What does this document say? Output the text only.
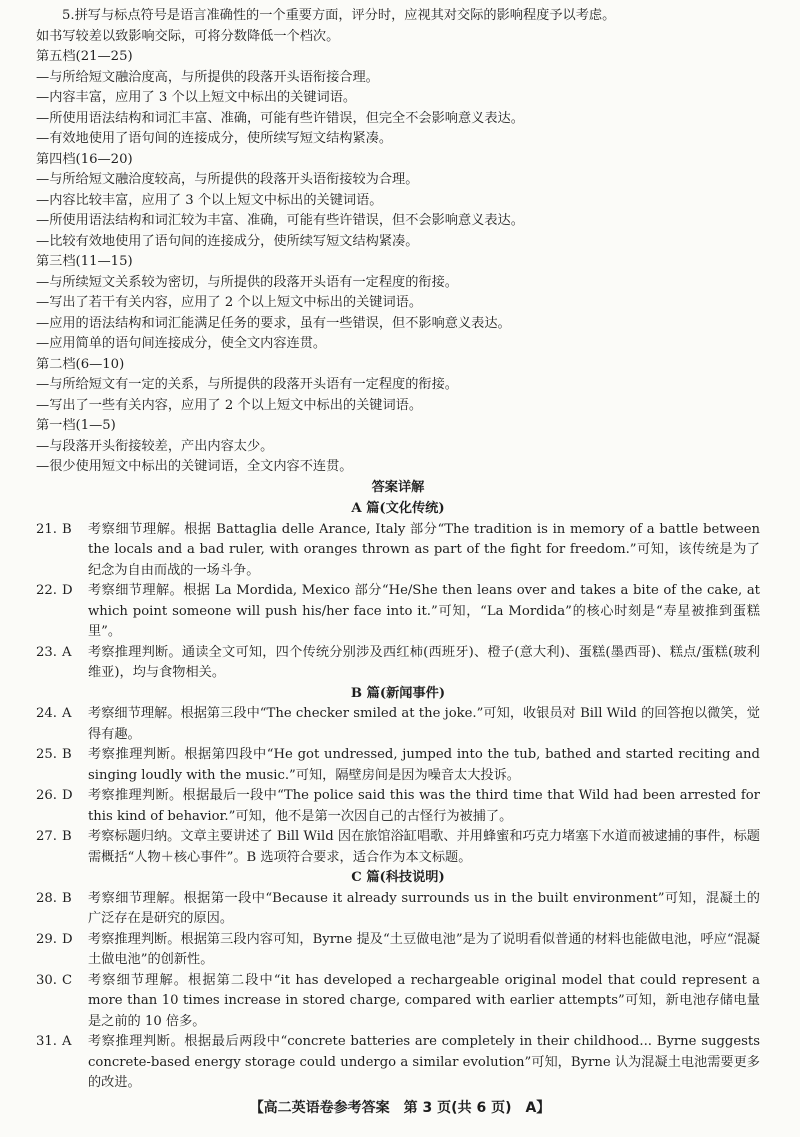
5.拼写与标点符号是语言准确性的一个重要方面，评分时，应视其对交际的影响程度予以考虑。
如书写较差以致影响交际，可将分数降低一个档次。
第五档(21—25)
—与所给短文融洽度高，与所提供的段落开头语衔接合理。
—内容丰富，应用了 3 个以上短文中标出的关键词语。
—所使用语法结构和词汇丰富、准确，可能有些许错误，但完全不会影响意义表达。
—有效地使用了语句间的连接成分，使所续写短文结构紧凑。
第四档(16—20)
—与所给短文融洽度较高，与所提供的段落开头语衔接较为合理。
—内容比较丰富，应用了 3 个以上短文中标出的关键词语。
—所使用语法结构和词汇较为丰富、准确，可能有些许错误，但不会影响意义表达。
—比较有效地使用了语句间的连接成分，使所续写短文结构紧凑。
第三档(11—15)
—与所续短文关系较为密切，与所提供的段落开头语有一定程度的衔接。
—写出了若干有关内容，应用了 2 个以上短文中标出的关键词语。
—应用的语法结构和词汇能满足任务的要求，虽有一些错误，但不影响意义表达。
—应用简单的语句间连接成分，使全文内容连贯。
第二档(6—10)
—与所给短文有一定的关系，与所提供的段落开头语有一定程度的衔接。
—写出了一些有关内容，应用了 2 个以上短文中标出的关键词语。
第一档(1—5)
—与段落开头衔接较差，产出内容太少。
—很少使用短文中标出的关键词语，全文内容不连贯。
答案详解
A 篇(文化传统)
21. B	考察细节理解。根据 Battaglia delle Arance, Italy 部分“The tradition is in memory of a battle between the locals and a bad ruler, with oranges thrown as part of the fight for freedom.”可知，该传统是为了纪念为自由而战的一场斗争。
22. D	考察细节理解。根据 La Mordida, Mexico 部分“He/She then leans over and takes a bite of the cake, at which point someone will push his/her face into it.”可知，“La Mordida”的核心时刻是“寿星被推到蛋糕里”。
23. A	考察推理判断。通读全文可知，四个传统分别涉及西红柿(西班牙)、橙子(意大利)、蛋糕(墨西哥)、糕点/蛋糕(玻利维亚)，均与食物相关。
B 篇(新闻事件)
24. A	考察细节理解。根据第三段中“The checker smiled at the joke.”可知，收银员对 Bill Wild 的回答抱以微笑，觉得有趣。
25. B	考察推理判断。根据第四段中“He got undressed, jumped into the tub, bathed and started reciting and singing loudly with the music.”可知，隔壁房间是因为噪音太大投诉。
26. D	考察推理判断。根据最后一段中“The police said this was the third time that Wild had been arrested for this kind of behavior.”可知，他不是第一次因自己的古怪行为被捕了。
27. B	考察标题归纳。文章主要讲述了 Bill Wild 因在旅馆浴缸唱歌、并用蜂蜜和巧克力堵塞下水道而被逮捕的事件，标题需概括“人物＋核心事件”。B 选项符合要求，适合作为本文标题。
C 篇(科技说明)
28. B	考察细节理解。根据第一段中“Because it already surrounds us in the built environment”可知，混凝土的广泛存在是研究的原因。
29. D	考察推理判断。根据第三段内容可知，Byrne 提及“土豆做电池”是为了说明看似普通的材料也能做电池，呼应“混凝土做电池”的创新性。
30. C	考察细节理解。根据第二段中“it has developed a rechargeable original model that could represent a more than 10 times increase in stored charge, compared with earlier attempts”可知，新电池存储电量是之前的 10 倍多。
31. A	考察推理判断。根据最后两段中“concrete batteries are completely in their childhood... Byrne suggests concrete-based energy storage could undergo a similar evolution”可知，Byrne 认为混凝土电池需要更多的改进。
【高二英语卷参考答案　第 3 页(共 6 页)　A】
